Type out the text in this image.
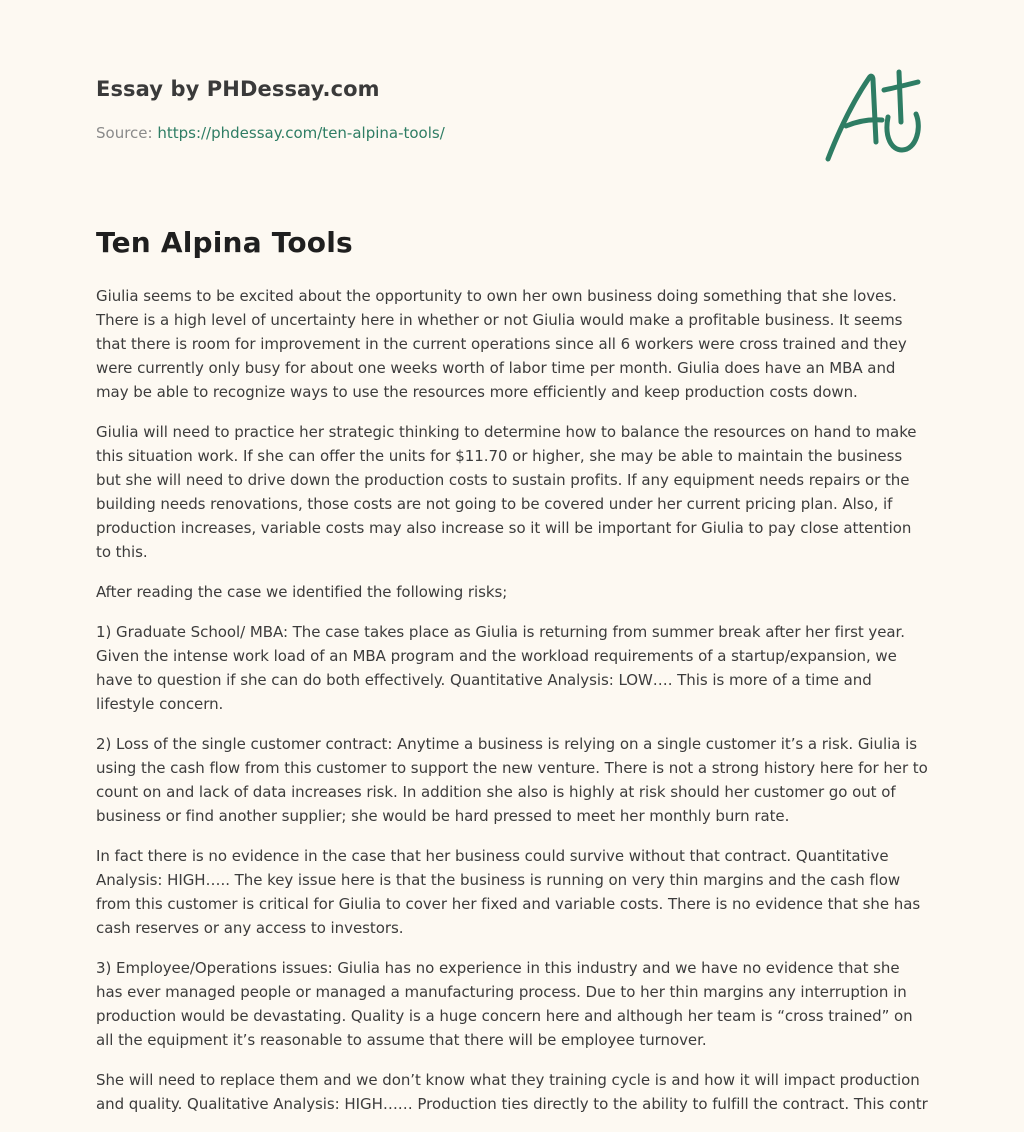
Essay by PHDessay.com
Source: https://phdessay.com/ten-alpina-tools/
Ten Alpina Tools

Giulia seems to be excited about the opportunity to own her own business doing something that she loves. There is a high level of uncertainty here in whether or not Giulia would make a profitable business. It seems that there is room for improvement in the current operations since all 6 workers were cross trained and they were currently only busy for about one weeks worth of labor time per month. Giulia does have an MBA and may be able to recognize ways to use the resources more efficiently and keep production costs down.

Giulia will need to practice her strategic thinking to determine how to balance the resources on hand to make this situation work. If she can offer the units for $11.70 or higher, she may be able to maintain the business but she will need to drive down the production costs to sustain profits. If any equipment needs repairs or the building needs renovations, those costs are not going to be covered under her current pricing plan. Also, if production increases, variable costs may also increase so it will be important for Giulia to pay close attention to this.

After reading the case we identified the following risks;

1) Graduate School/ MBA: The case takes place as Giulia is returning from summer break after her first year. Given the intense work load of an MBA program and the workload requirements of a startup/expansion, we have to question if she can do both effectively. Quantitative Analysis: LOW…. This is more of a time and lifestyle concern.

2) Loss of the single customer contract: Anytime a business is relying on a single customer it’s a risk. Giulia is using the cash flow from this customer to support the new venture. There is not a strong history here for her to count on and lack of data increases risk. In addition she also is highly at risk should her customer go out of business or find another supplier; she would be hard pressed to meet her monthly burn rate.

In fact there is no evidence in the case that her business could survive without that contract. Quantitative Analysis: HIGH….. The key issue here is that the business is running on very thin margins and the cash flow from this customer is critical for Giulia to cover her fixed and variable costs. There is no evidence that she has cash reserves or any access to investors.

3) Employee/Operations issues: Giulia has no experience in this industry and we have no evidence that she has ever managed people or managed a manufacturing process. Due to her thin margins any interruption in production would be devastating. Quality is a huge concern here and although her team is “cross trained” on all the equipment it’s reasonable to assume that there will be employee turnover.

She will need to replace them and we don’t know what they training cycle is and how it will impact production and quality. Qualitative Analysis: HIGH…… Production ties directly to the ability to fulfill the contract. This contr
